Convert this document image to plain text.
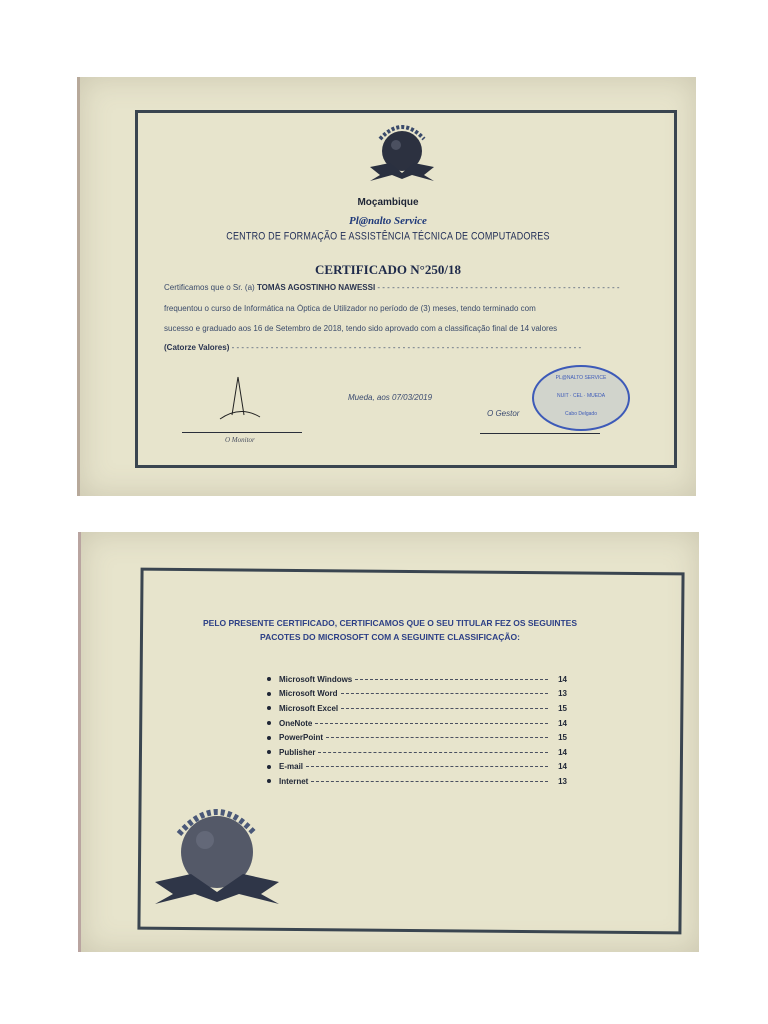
Moçambique
Pl@nalto Service
CENTRO DE FORMAÇÃO E ASSISTÊNCIA TÉCNICA DE COMPUTADORES
CERTIFICADO N°250/18
Certificamos que o Sr. (a) TOMÁS AGOSTINHO NAWESSI - - - - - - - - - - - - - - - - - - - - - - - - - - - - - - - - - - - - - - - - - - - - - - - - - -
frequentou o curso de Informática na Óptica de Utilizador no período de (3) meses, tendo terminado com
sucesso e graduado aos 16 de Setembro de 2018, tendo sido aprovado com a classificação final de 14 valores
(Catorze Valores) - - - - - - - - - - - - - - - - - - - - - - - - - - - - - - - - - - - - - - - - - - - - - - - - - - - - - - - - - - - - - - - - - - - - - - - -
Mueda, aos 07/03/2019
O Monitor
PL@NALTO SERVICE
NUIT · CEL · MUEDA
Cabo Delgado
O Gestor
PELO PRESENTE CERTIFICADO, CERTIFICAMOS QUE O SEU TITULAR FEZ OS SEGUINTES
PACOTES DO MICROSOFT COM A SEGUINTE CLASSIFICAÇÃO:
Microsoft Windows	14
Microsoft Word	13
Microsoft Excel	15
OneNote	14
PowerPoint	15
Publisher	14
E-mail	14
Internet	13
